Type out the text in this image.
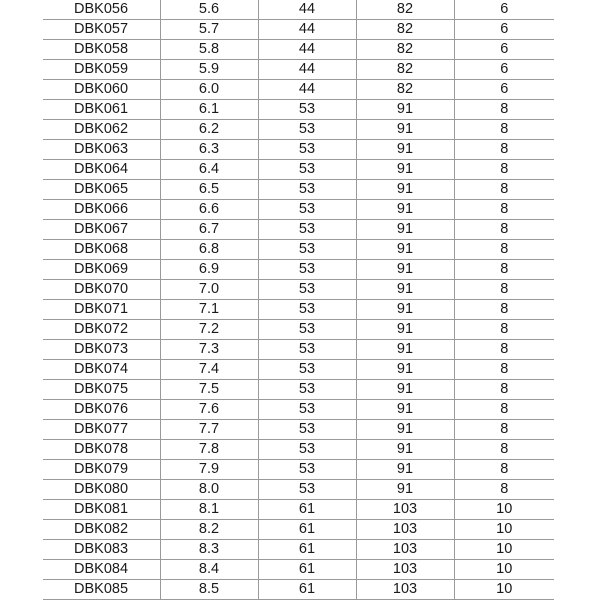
DBK056	5.6	44	82	6
DBK057	5.7	44	82	6
DBK058	5.8	44	82	6
DBK059	5.9	44	82	6
DBK060	6.0	44	82	6
DBK061	6.1	53	91	8
DBK062	6.2	53	91	8
DBK063	6.3	53	91	8
DBK064	6.4	53	91	8
DBK065	6.5	53	91	8
DBK066	6.6	53	91	8
DBK067	6.7	53	91	8
DBK068	6.8	53	91	8
DBK069	6.9	53	91	8
DBK070	7.0	53	91	8
DBK071	7.1	53	91	8
DBK072	7.2	53	91	8
DBK073	7.3	53	91	8
DBK074	7.4	53	91	8
DBK075	7.5	53	91	8
DBK076	7.6	53	91	8
DBK077	7.7	53	91	8
DBK078	7.8	53	91	8
DBK079	7.9	53	91	8
DBK080	8.0	53	91	8
DBK081	8.1	61	103	10
DBK082	8.2	61	103	10
DBK083	8.3	61	103	10
DBK084	8.4	61	103	10
DBK085	8.5	61	103	10
